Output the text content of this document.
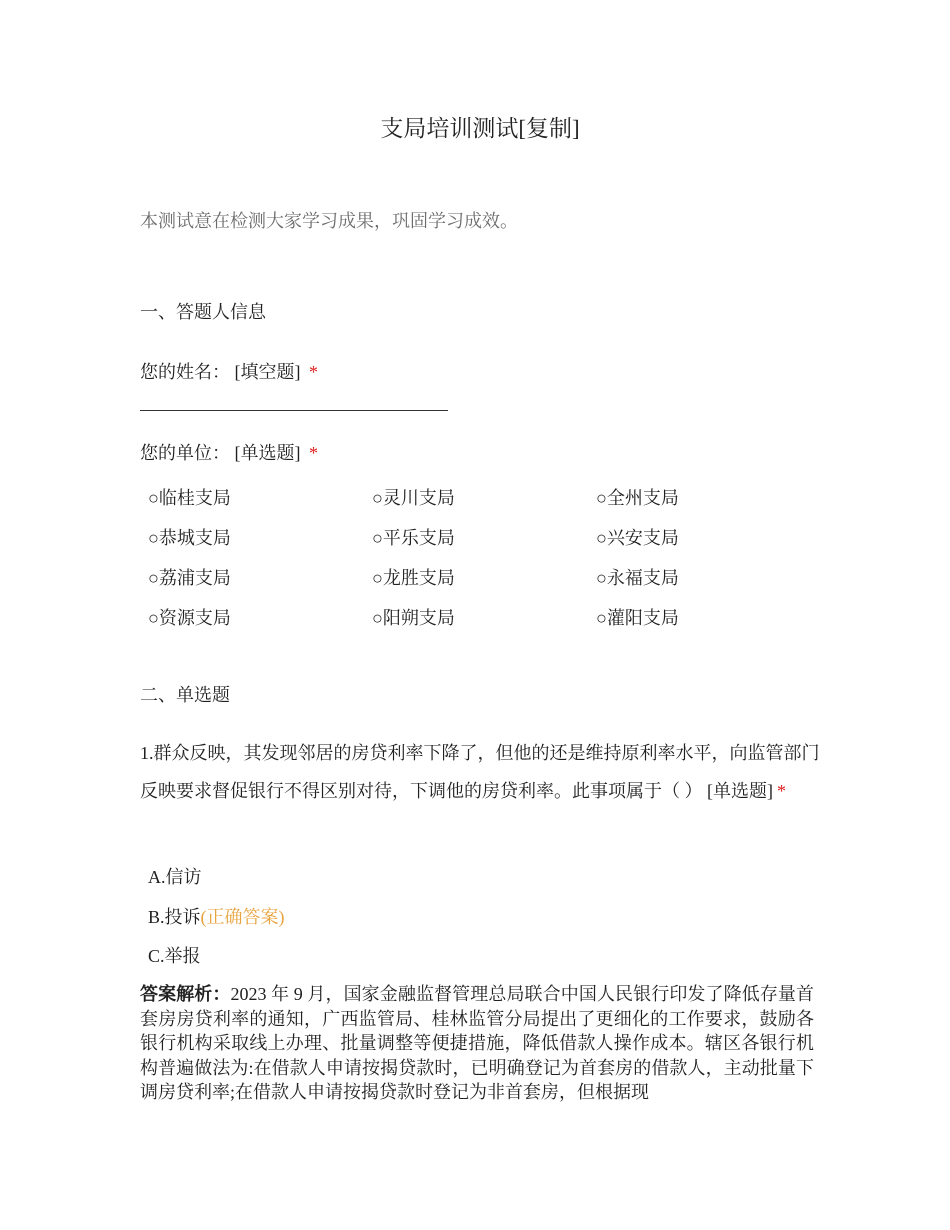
支局培训测试[复制]
本测试意在检测大家学习成果，巩固学习成效。
一、答题人信息
您的姓名： [填空题] *
您的单位： [单选题] *
○临桂支局	○灵川支局	○全州支局
○恭城支局	○平乐支局	○兴安支局
○荔浦支局	○龙胜支局	○永福支局
○资源支局	○阳朔支局	○灌阳支局
二、单选题
1.群众反映，其发现邻居的房贷利率下降了，但他的还是维持原利率水平，向监管部门反映要求督促银行不得区别对待，下调他的房贷利率。此事项属于（ ） [单选题] *
A.信访
B.投诉(正确答案)
C.举报
答案解析：2023 年 9 月，国家金融监督管理总局联合中国人民银行印发了降低存量首套房房贷利率的通知，广西监管局、桂林监管分局提出了更细化的工作要求，鼓励各银行机构采取线上办理、批量调整等便捷措施，降低借款人操作成本。辖区各银行机构普遍做法为:在借款人申请按揭贷款时，已明确登记为首套房的借款人，主动批量下调房贷利率;在借款人申请按揭贷款时登记为非首套房，但根据现
